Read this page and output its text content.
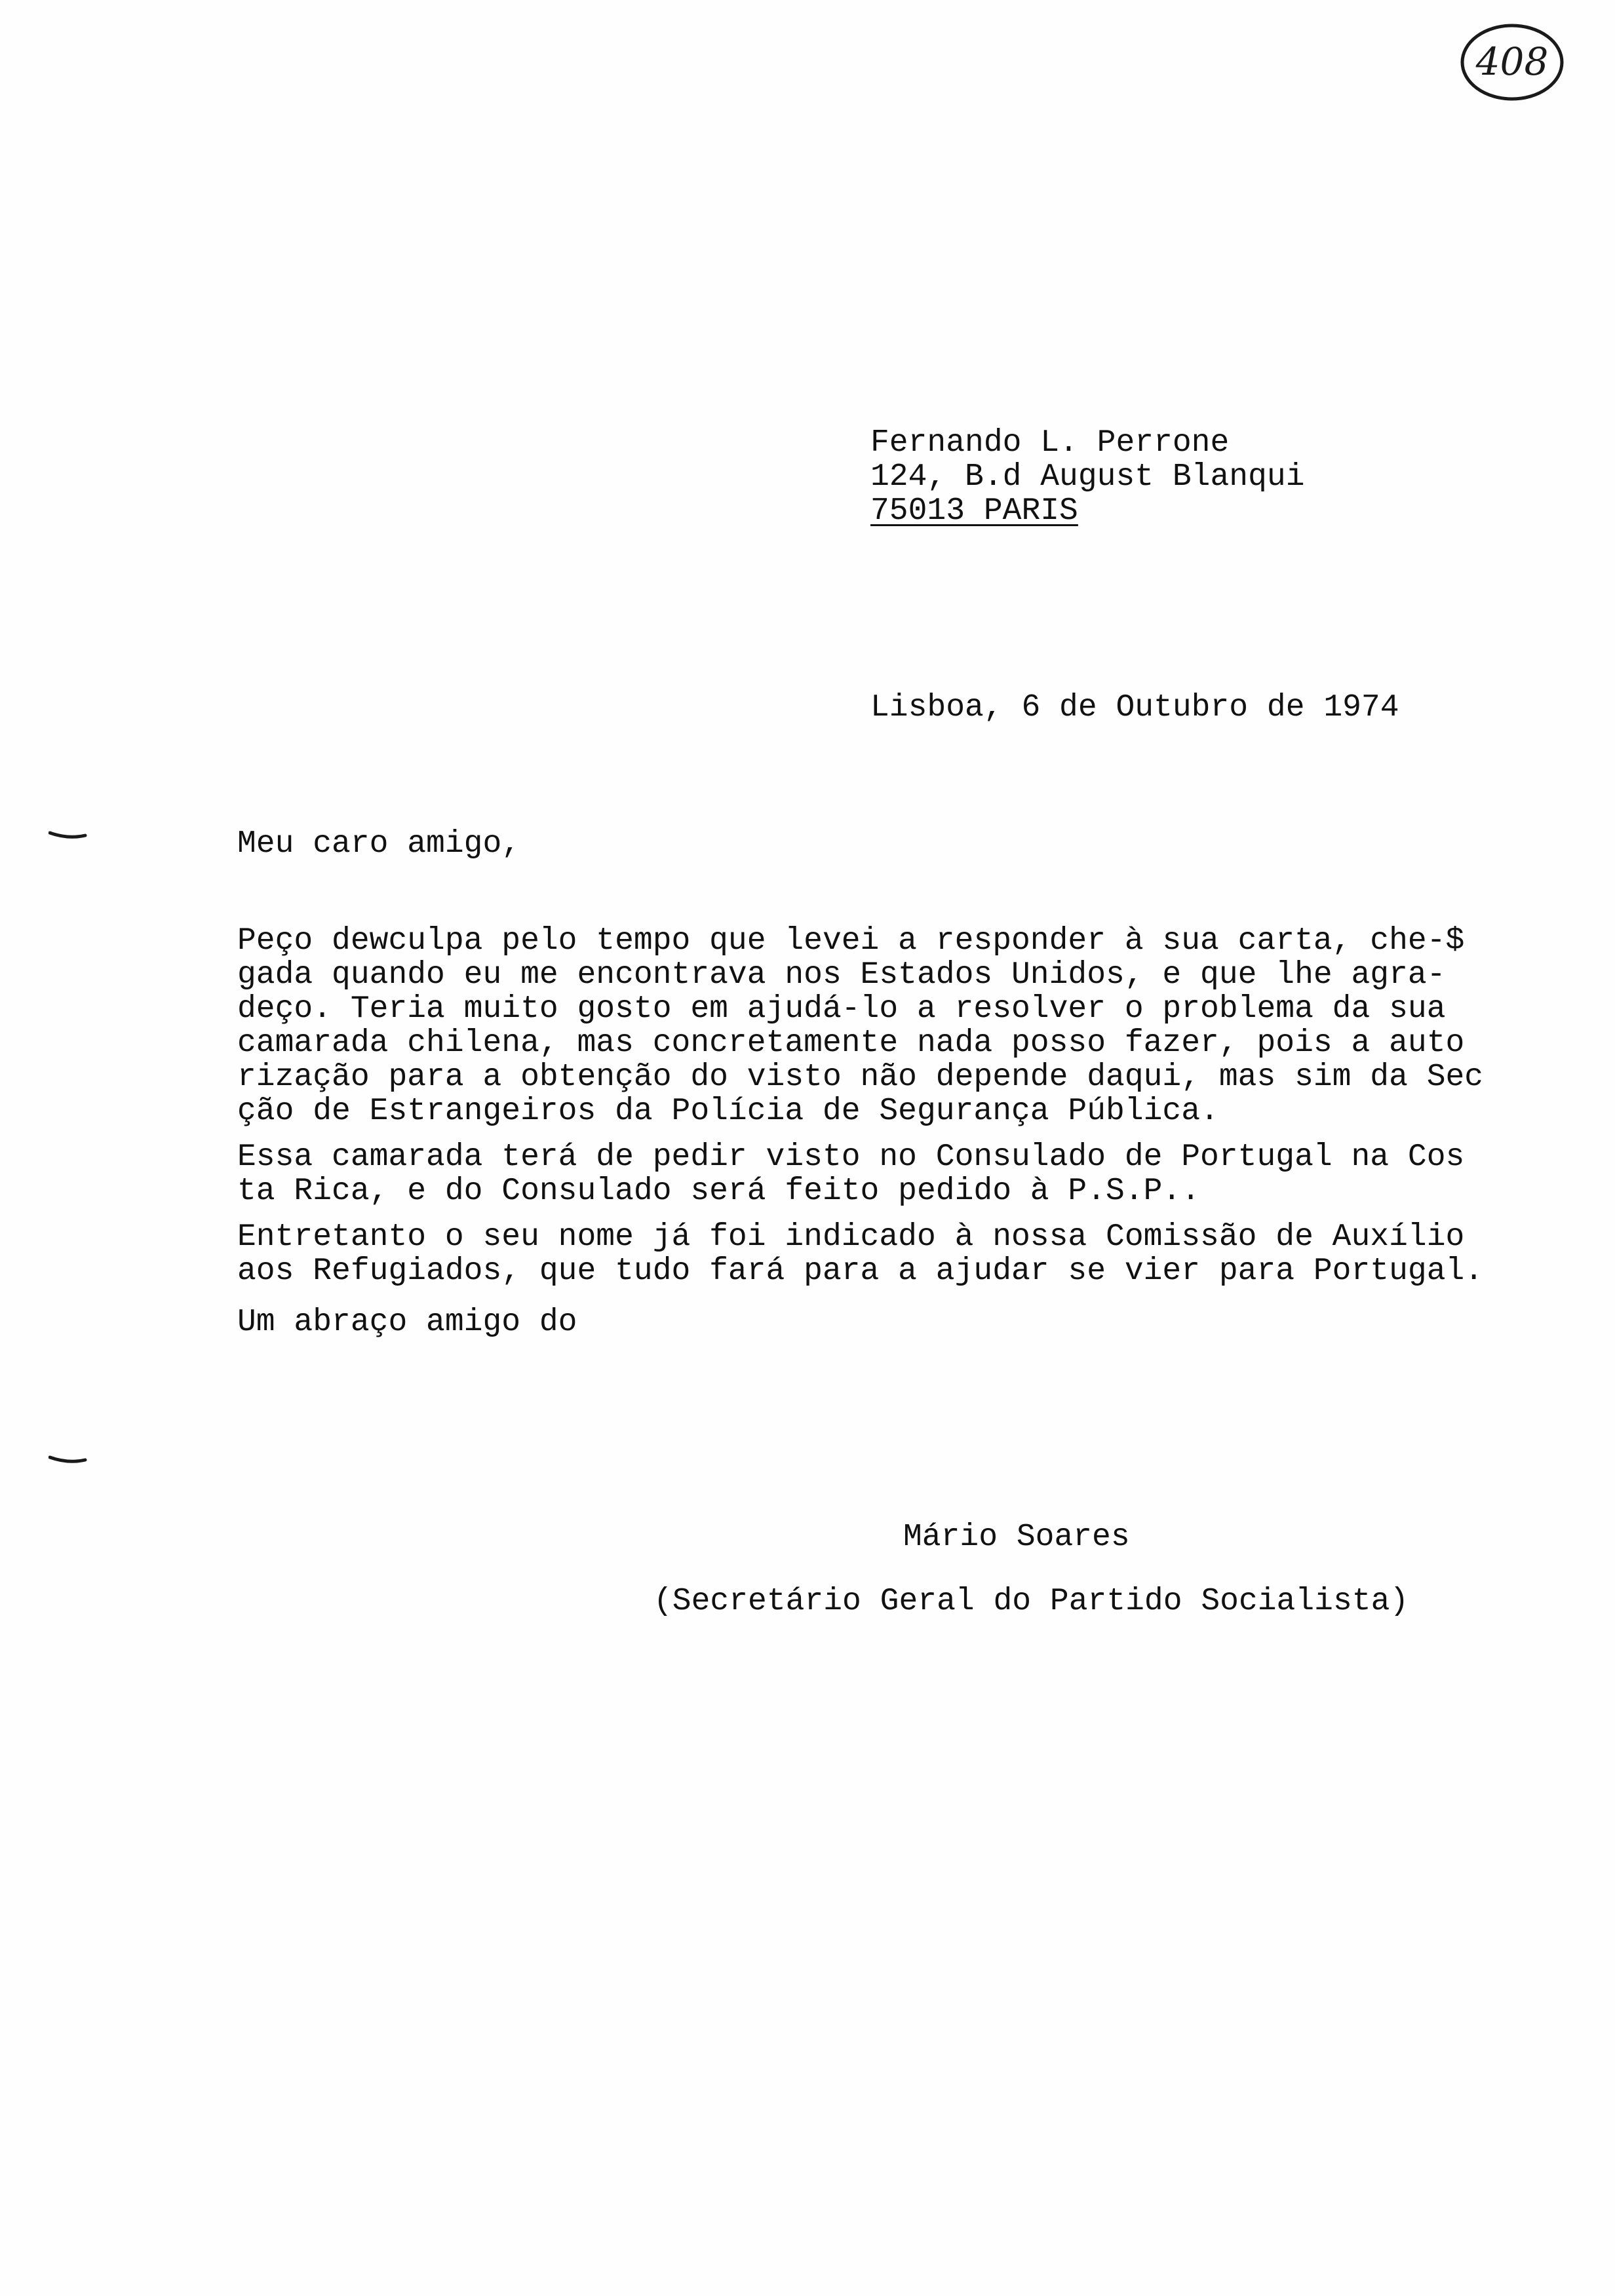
408
Fernando L. Perrone
124, B.d August Blanqui
75013 PARIS
Lisboa, 6 de Outubro de 1974
Meu caro amigo,
Peço dewculpa pelo tempo que levei a responder à sua carta, che-$
gada quando eu me encontrava nos Estados Unidos, e que lhe agra-
deço. Teria muito gosto em ajudá-lo a resolver o problema da sua
camarada chilena, mas concretamente nada posso fazer, pois a auto
rização para a obtenção do visto não depende daqui, mas sim da Sec
ção de Estrangeiros da Polícia de Segurança Pública.
Essa camarada terá de pedir visto no Consulado de Portugal na Cos
ta Rica, e do Consulado será feito pedido à P.S.P..
Entretanto o seu nome já foi indicado à nossa Comissão de Auxílio
aos Refugiados, que tudo fará para a ajudar se vier para Portugal.
Um abraço amigo do
Mário Soares
(Secretário Geral do Partido Socialista)
